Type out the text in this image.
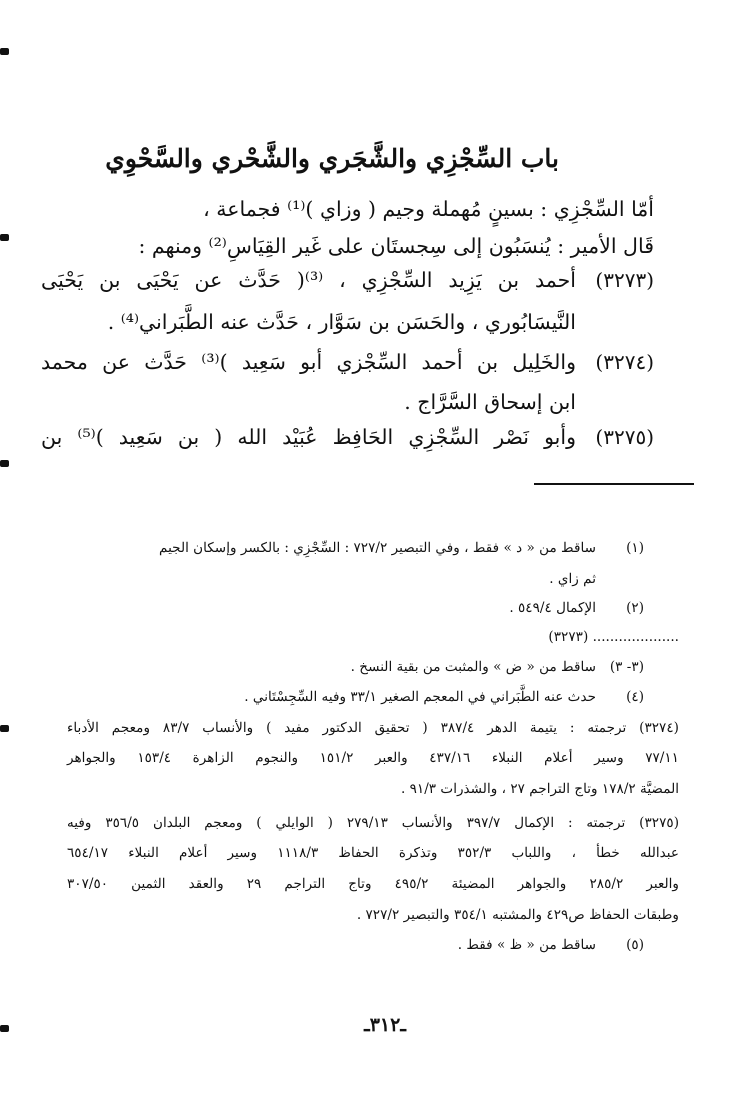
باب السِّجْزِي والشَّجَري والشَّحْري والسَّحْوِي
أمّا السِّجْزِي : بسينٍ مُهملة وجيم ( وزاي )⁽¹⁾ فجماعة ،
قَال الأمير : يُنسَبُون إلى سِجستَان على غَير القِيَاسِ⁽²⁾ ومنهم :
(٣٢٧٣)
أحمد بن يَزِيد السِّجْزِي ، ⁽³⁾( حَدَّث عن يَحْيَى بن يَحْيَى
النَّيسَابُوري ، والحَسَن بن سَوَّار ، حَدَّث عنه الطَّبَراني⁽⁴⁾ .
(٣٢٧٤)
والخَلِيل بن أحمد السِّجْزي أبو سَعِيد )⁽³⁾ حَدَّث عن محمد
ابن إسحاق السَّرَّاج .
(٣٢٧٥)
وأبو نَصْر السِّجْزِي الحَافِظ عُبَيْد الله ( بن سَعِيد )⁽⁵⁾ بن
(١)
ساقط من « د » فقط ، وفي التبصير ٧٢٧/٢ : السِّجْزِي : بالكسر وإسكان الجيم
ثم زاي .
(٢)
الإكمال ٥٤٩/٤ .
(٣٢٧٣) ....................
(٣- ٣)
ساقط من « ض » والمثبت من بقية النسخ .
(٤)
حدث عنه الطَّبَراني في المعجم الصغير ٣٣/١ وفيه السِّجِسْتَاني .
(٣٢٧٤) ترجمته : يتيمة الدهر ٣٨٧/٤ ( تحقيق الدكتور مفيد ) والأنساب ٨٣/٧ ومعجم الأدباء
٧٧/١١ وسير أعلام النبلاء ٤٣٧/١٦ والعبر ١٥١/٢ والنجوم الزاهرة ١٥٣/٤ والجواهر
المضيَّة ١٧٨/٢ وتاج التراجم ٢٧ ، والشذرات ٩١/٣ .
(٣٢٧٥) ترجمته : الإكمال ٣٩٧/٧ والأنساب ٢٧٩/١٣ ( الوايلي ) ومعجم البلدان ٣٥٦/٥ وفيه
عبدالله خطأ ، واللباب ٣٥٢/٣ وتذكرة الحفاظ ١١١٨/٣ وسير أعلام النبلاء ٦٥٤/١٧
والعبر ٢٨٥/٢ والجواهر المضيئة ٤٩٥/٢ وتاج التراجم ٢٩ والعقد الثمين ٣٠٧/٥٠
وطبقات الحفاظ ص٤٢٩ والمشتبه ٣٥٤/١ والتبصير ٧٢٧/٢ .
(٥)
ساقط من « ظ » فقط .
ـ٣١٢ـ
